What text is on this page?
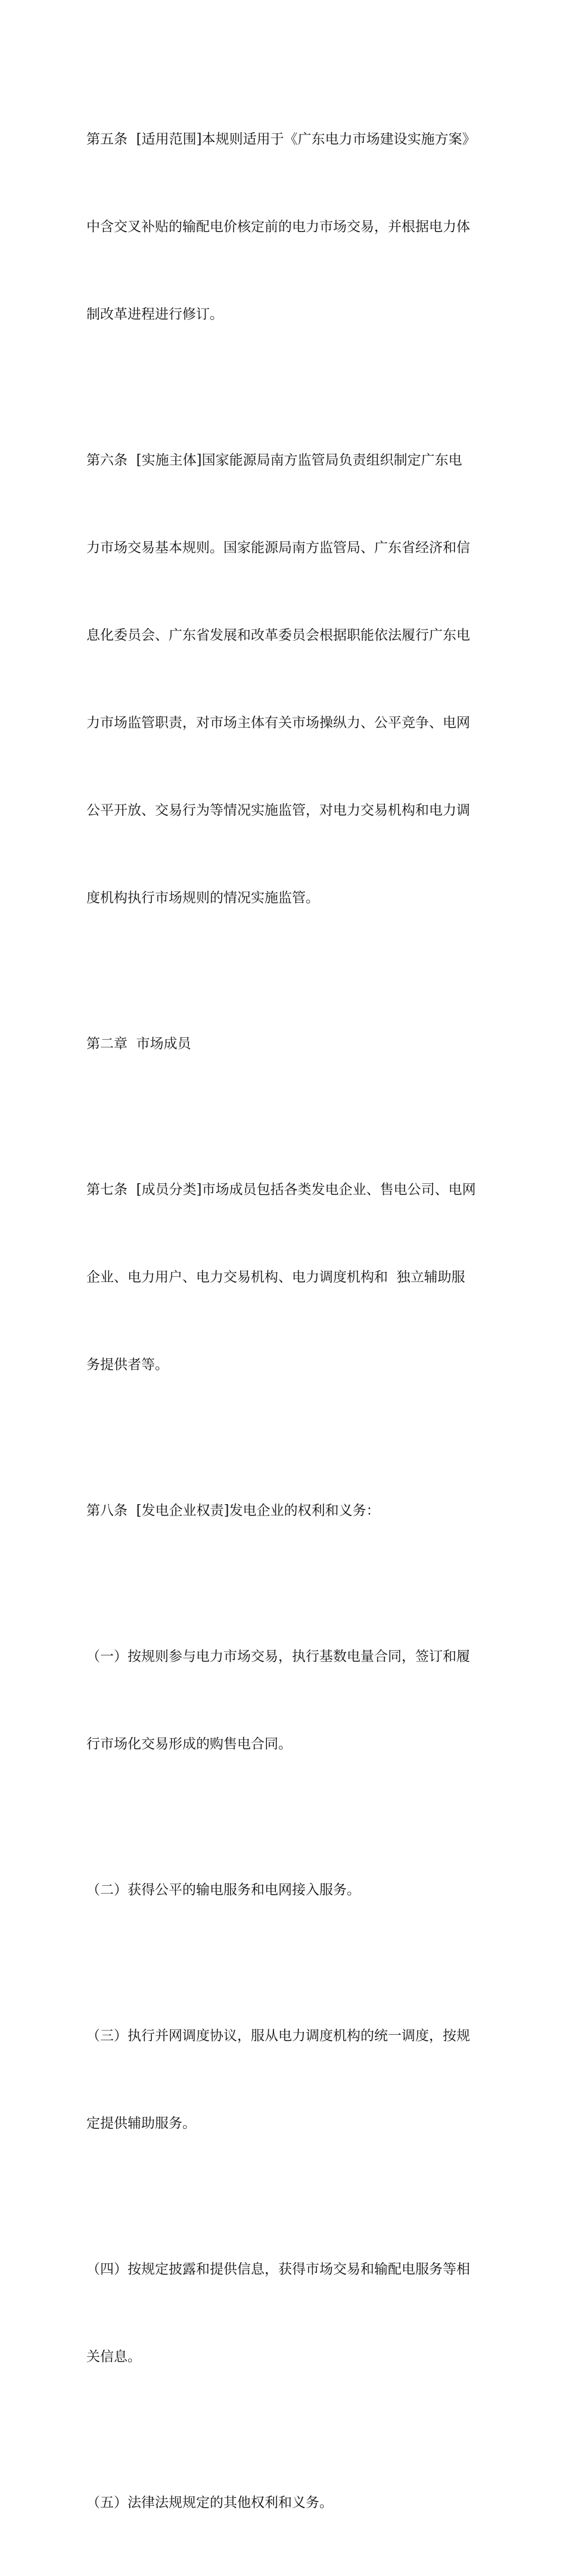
第五条  [适用范围]本规则适用于《广东电力市场建设实施方案》

中含交叉补贴的输配电价核定前的电力市场交易，并根据电力体

制改革进程进行修订。

第六条  [实施主体]国家能源局南方监管局负责组织制定广东电

力市场交易基本规则。国家能源局南方监管局、广东省经济和信

息化委员会、广东省发展和改革委员会根据职能依法履行广东电

力市场监管职责，对市场主体有关市场操纵力、公平竞争、电网

公平开放、交易行为等情况实施监管，对电力交易机构和电力调

度机构执行市场规则的情况实施监管。

第二章  市场成员

第七条  [成员分类]市场成员包括各类发电企业、售电公司、电网

企业、电力用户、电力交易机构、电力调度机构和  独立辅助服

务提供者等。

第八条  [发电企业权责]发电企业的权利和义务：

（一）按规则参与电力市场交易，执行基数电量合同，签订和履

行市场化交易形成的购售电合同。

（二）获得公平的输电服务和电网接入服务。

（三）执行并网调度协议，服从电力调度机构的统一调度，按规

定提供辅助服务。

（四）按规定披露和提供信息，获得市场交易和输配电服务等相

关信息。

（五）法律法规规定的其他权利和义务。
